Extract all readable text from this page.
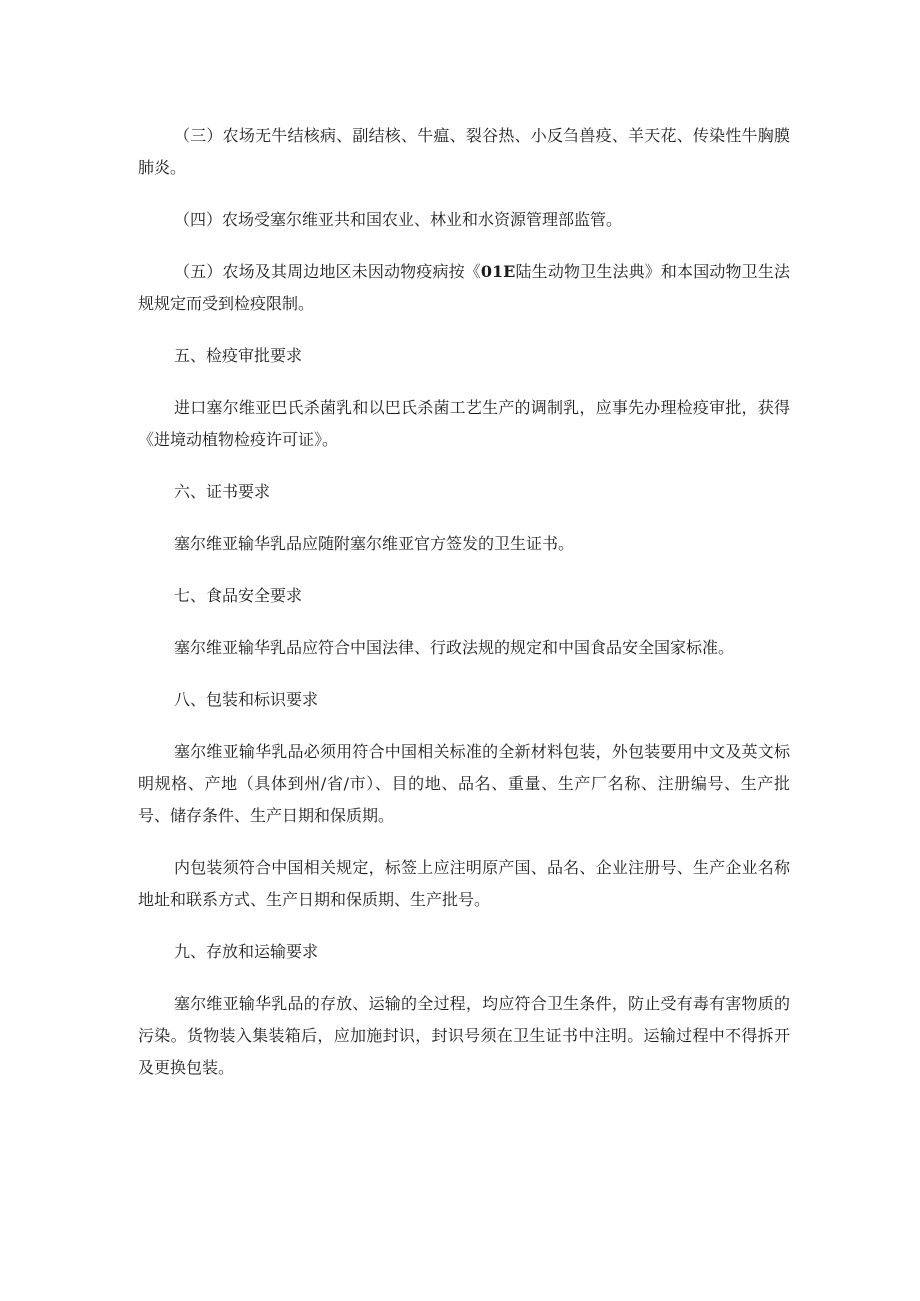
（三）农场无牛结核病、副结核、牛瘟、裂谷热、小反刍兽疫、羊天花、传染性牛胸膜肺炎。

（四）农场受塞尔维亚共和国农业、林业和水资源管理部监管。

（五）农场及其周边地区未因动物疫病按《01E陆生动物卫生法典》和本国动物卫生法规规定而受到检疫限制。

五、检疫审批要求

进口塞尔维亚巴氏杀菌乳和以巴氏杀菌工艺生产的调制乳，应事先办理检疫审批，获得《进境动植物检疫许可证》。

六、证书要求

塞尔维亚输华乳品应随附塞尔维亚官方签发的卫生证书。

七、食品安全要求

塞尔维亚输华乳品应符合中国法律、行政法规的规定和中国食品安全国家标准。

八、包装和标识要求

塞尔维亚输华乳品必须用符合中国相关标准的全新材料包装，外包装要用中文及英文标明规格、产地（具体到州/省/市）、目的地、品名、重量、生产厂名称、注册编号、生产批号、储存条件、生产日期和保质期。

内包装须符合中国相关规定，标签上应注明原产国、品名、企业注册号、生产企业名称地址和联系方式、生产日期和保质期、生产批号。

九、存放和运输要求

塞尔维亚输华乳品的存放、运输的全过程，均应符合卫生条件，防止受有毒有害物质的污染。货物装入集装箱后，应加施封识，封识号须在卫生证书中注明。运输过程中不得拆开及更换包装。
